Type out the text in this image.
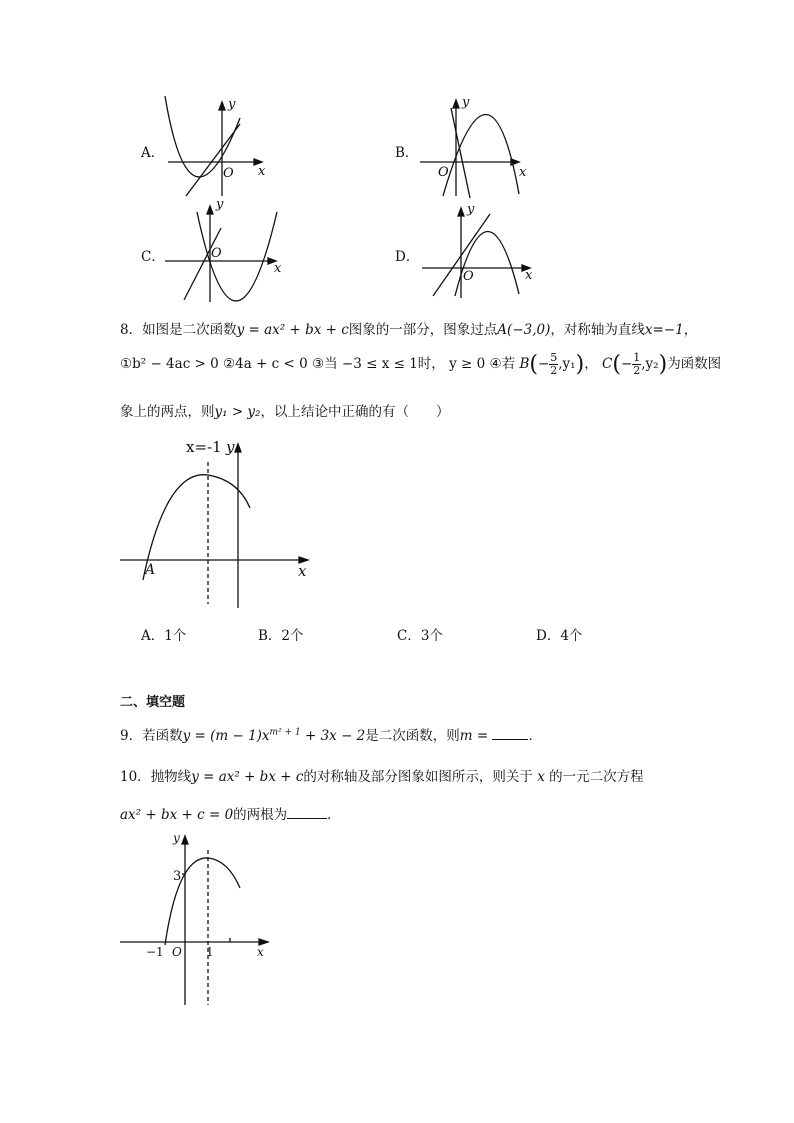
A．
y
x
O
y
x
O
y
x
O
y
x
O
B．
C．	D．
8．如图是二次函数y = ax² + bx + c图象的一部分，图象过点A(−3,0)，对称轴为直线x=−1，
①b² − 4ac > 0 ②4a + c < 0 ③当 −3 ≤ x ≤ 1时， y ≥ 0 ④若 $B(- \frac{5}{2} ,y_1)$， $C(- \frac{1}{2} ,y_2)$为函数图
象上的两点，则y₁ > y₂，以上结论中正确的有（　　）
x=-1 y
x
A
A．1个	B．2个	C．3个	D．4个
二、填空题
9．若函数$y = (m - 1)x^{m^2 + 1} + 3x - 2$是二次函数，则m =	．
10．抛物线y = ax² + bx + c的对称轴及部分图象如图所示，则关于 x 的一元二次方程
ax² + bx + c = 0的两根为	．
y
x
3
−1 O 1
